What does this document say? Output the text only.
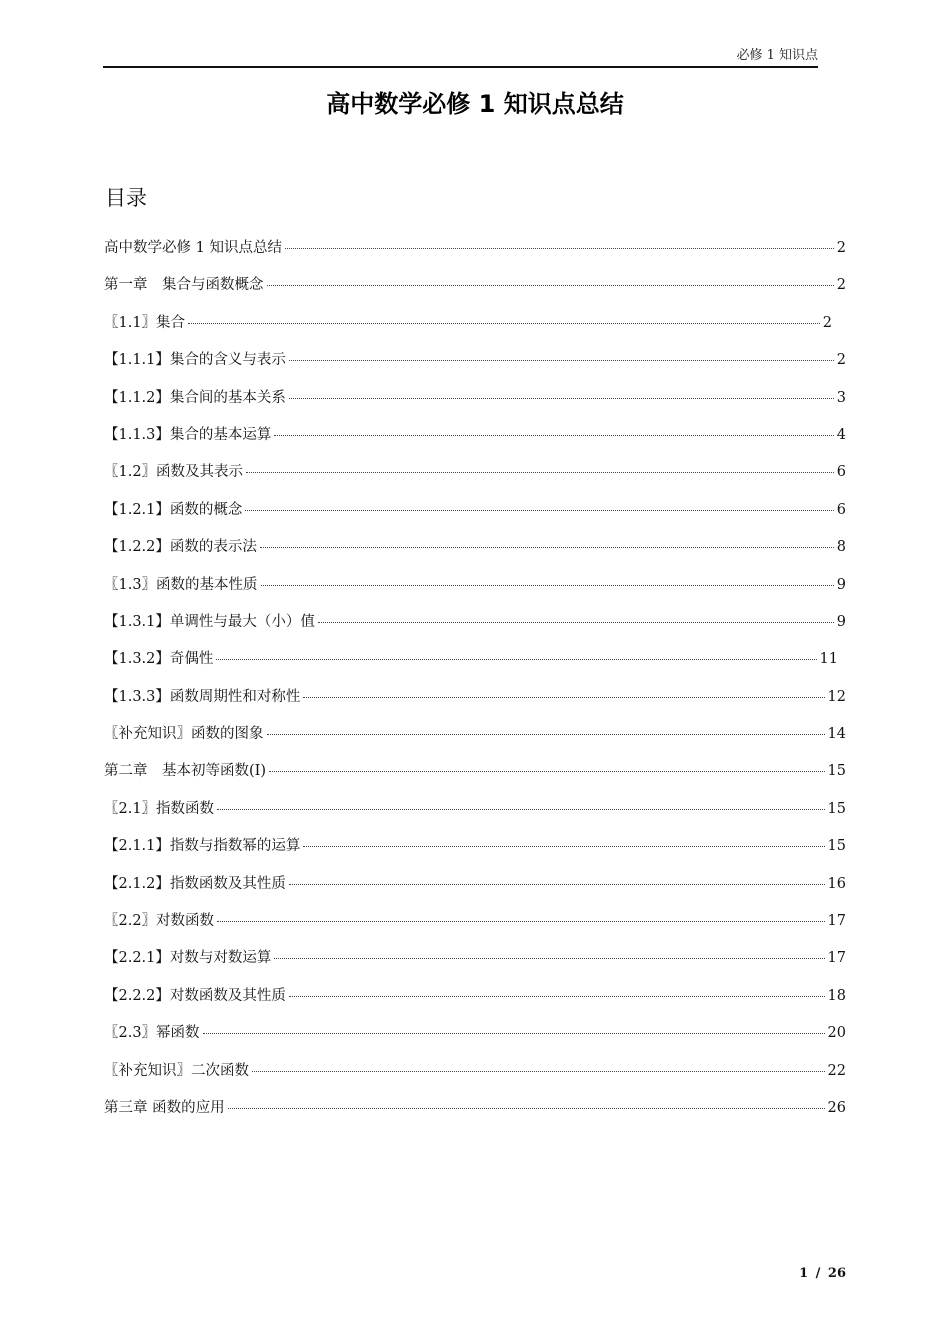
必修 1 知识点
高中数学必修 1 知识点总结
目录
高中数学必修 1 知识点总结	2
第一章　集合与函数概念	2
〖1.1〗集合	2
【1.1.1】集合的含义与表示	2
【1.1.2】集合间的基本关系	3
【1.1.3】集合的基本运算	4
〖1.2〗函数及其表示	6
【1.2.1】函数的概念	6
【1.2.2】函数的表示法	8
〖1.3〗函数的基本性质	9
【1.3.1】单调性与最大（小）值	9
【1.3.2】奇偶性	11
【1.3.3】函数周期性和对称性	12
〖补充知识〗函数的图象	14
第二章　基本初等函数(Ⅰ)	15
〖2.1〗指数函数	15
【2.1.1】指数与指数幂的运算	15
【2.1.2】指数函数及其性质	16
〖2.2〗对数函数	17
【2.2.1】对数与对数运算	17
【2.2.2】对数函数及其性质	18
〖2.3〗幂函数	20
〖补充知识〗二次函数	22
第三章 函数的应用	26
1 / 26
